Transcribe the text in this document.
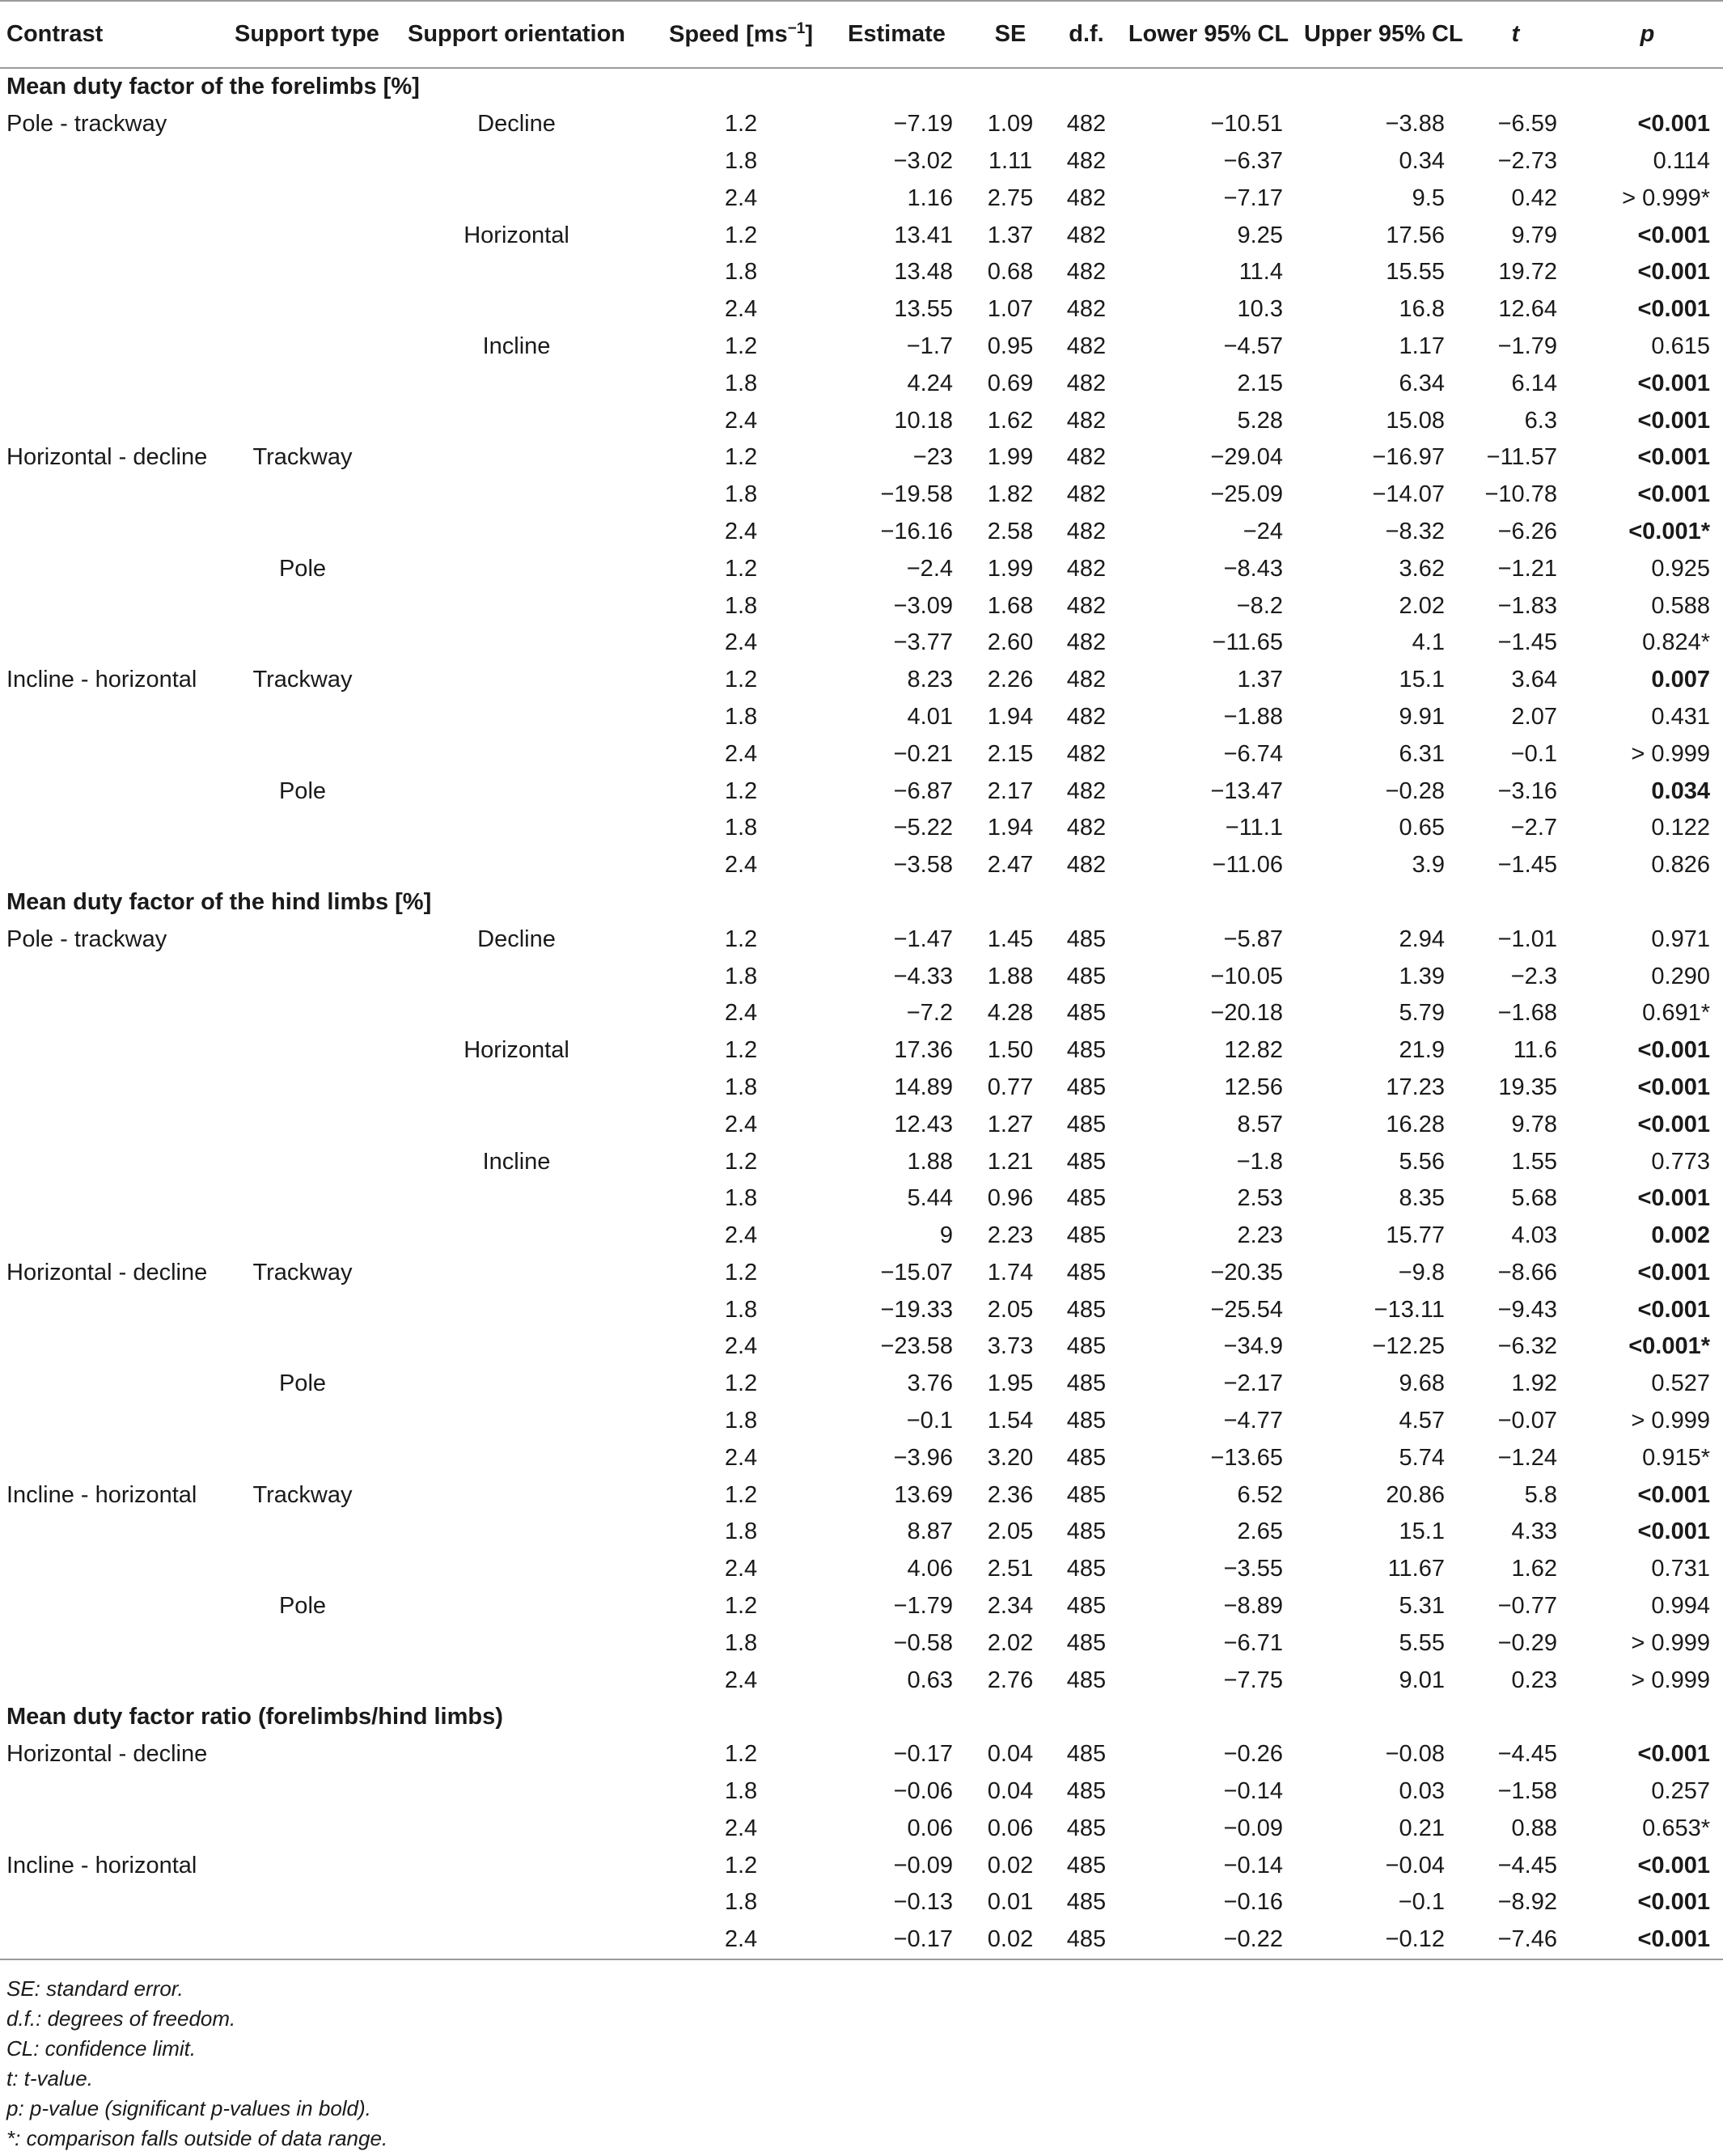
Contrast	Support type	Support orientation	Speed $[ms^{-1}]$	Estimate	SE	d.f.	Lower 95% CL	Upper 95% CL	t	p
Mean duty factor of the forelimbs [%]										
Pole - trackway		Decline	1.2	−7.19	1.09	482	−10.51	−3.88	−6.59	<0.001
			1.8	−3.02	1.11	482	−6.37	0.34	−2.73	0.114
			2.4	1.16	2.75	482	−7.17	9.5	0.42	> 0.999*
		Horizontal	1.2	13.41	1.37	482	9.25	17.56	9.79	<0.001
			1.8	13.48	0.68	482	11.4	15.55	19.72	<0.001
			2.4	13.55	1.07	482	10.3	16.8	12.64	<0.001
		Incline	1.2	−1.7	0.95	482	−4.57	1.17	−1.79	0.615
			1.8	4.24	0.69	482	2.15	6.34	6.14	<0.001
			2.4	10.18	1.62	482	5.28	15.08	6.3	<0.001
Horizontal - decline	Trackway		1.2	−23	1.99	482	−29.04	−16.97	−11.57	<0.001
			1.8	−19.58	1.82	482	−25.09	−14.07	−10.78	<0.001
			2.4	−16.16	2.58	482	−24	−8.32	−6.26	<0.001*
	Pole		1.2	−2.4	1.99	482	−8.43	3.62	−1.21	0.925
			1.8	−3.09	1.68	482	−8.2	2.02	−1.83	0.588
			2.4	−3.77	2.60	482	−11.65	4.1	−1.45	0.824*
Incline - horizontal	Trackway		1.2	8.23	2.26	482	1.37	15.1	3.64	0.007
			1.8	4.01	1.94	482	−1.88	9.91	2.07	0.431
			2.4	−0.21	2.15	482	−6.74	6.31	−0.1	> 0.999
	Pole		1.2	−6.87	2.17	482	−13.47	−0.28	−3.16	0.034
			1.8	−5.22	1.94	482	−11.1	0.65	−2.7	0.122
			2.4	−3.58	2.47	482	−11.06	3.9	−1.45	0.826
Mean duty factor of the hind limbs [%]										
Pole - trackway		Decline	1.2	−1.47	1.45	485	−5.87	2.94	−1.01	0.971
			1.8	−4.33	1.88	485	−10.05	1.39	−2.3	0.290
			2.4	−7.2	4.28	485	−20.18	5.79	−1.68	0.691*
		Horizontal	1.2	17.36	1.50	485	12.82	21.9	11.6	<0.001
			1.8	14.89	0.77	485	12.56	17.23	19.35	<0.001
			2.4	12.43	1.27	485	8.57	16.28	9.78	<0.001
		Incline	1.2	1.88	1.21	485	−1.8	5.56	1.55	0.773
			1.8	5.44	0.96	485	2.53	8.35	5.68	<0.001
			2.4	9	2.23	485	2.23	15.77	4.03	0.002
Horizontal - decline	Trackway		1.2	−15.07	1.74	485	−20.35	−9.8	−8.66	<0.001
			1.8	−19.33	2.05	485	−25.54	−13.11	−9.43	<0.001
			2.4	−23.58	3.73	485	−34.9	−12.25	−6.32	<0.001*
	Pole		1.2	3.76	1.95	485	−2.17	9.68	1.92	0.527
			1.8	−0.1	1.54	485	−4.77	4.57	−0.07	> 0.999
			2.4	−3.96	3.20	485	−13.65	5.74	−1.24	0.915*
Incline - horizontal	Trackway		1.2	13.69	2.36	485	6.52	20.86	5.8	<0.001
			1.8	8.87	2.05	485	2.65	15.1	4.33	<0.001
			2.4	4.06	2.51	485	−3.55	11.67	1.62	0.731
	Pole		1.2	−1.79	2.34	485	−8.89	5.31	−0.77	0.994
			1.8	−0.58	2.02	485	−6.71	5.55	−0.29	> 0.999
			2.4	0.63	2.76	485	−7.75	9.01	0.23	> 0.999
Mean duty factor ratio (forelimbs/hind limbs)										
Horizontal - decline			1.2	−0.17	0.04	485	−0.26	−0.08	−4.45	<0.001
			1.8	−0.06	0.04	485	−0.14	0.03	−1.58	0.257
			2.4	0.06	0.06	485	−0.09	0.21	0.88	0.653*
Incline - horizontal			1.2	−0.09	0.02	485	−0.14	−0.04	−4.45	<0.001
			1.8	−0.13	0.01	485	−0.16	−0.1	−8.92	<0.001
			2.4	−0.17	0.02	485	−0.22	−0.12	−7.46	<0.001
SE: standard error.
d.f.: degrees of freedom.
CL: confidence limit.
t: t-value.
p: p-value (significant p-values in bold).
*: comparison falls outside of data range.
